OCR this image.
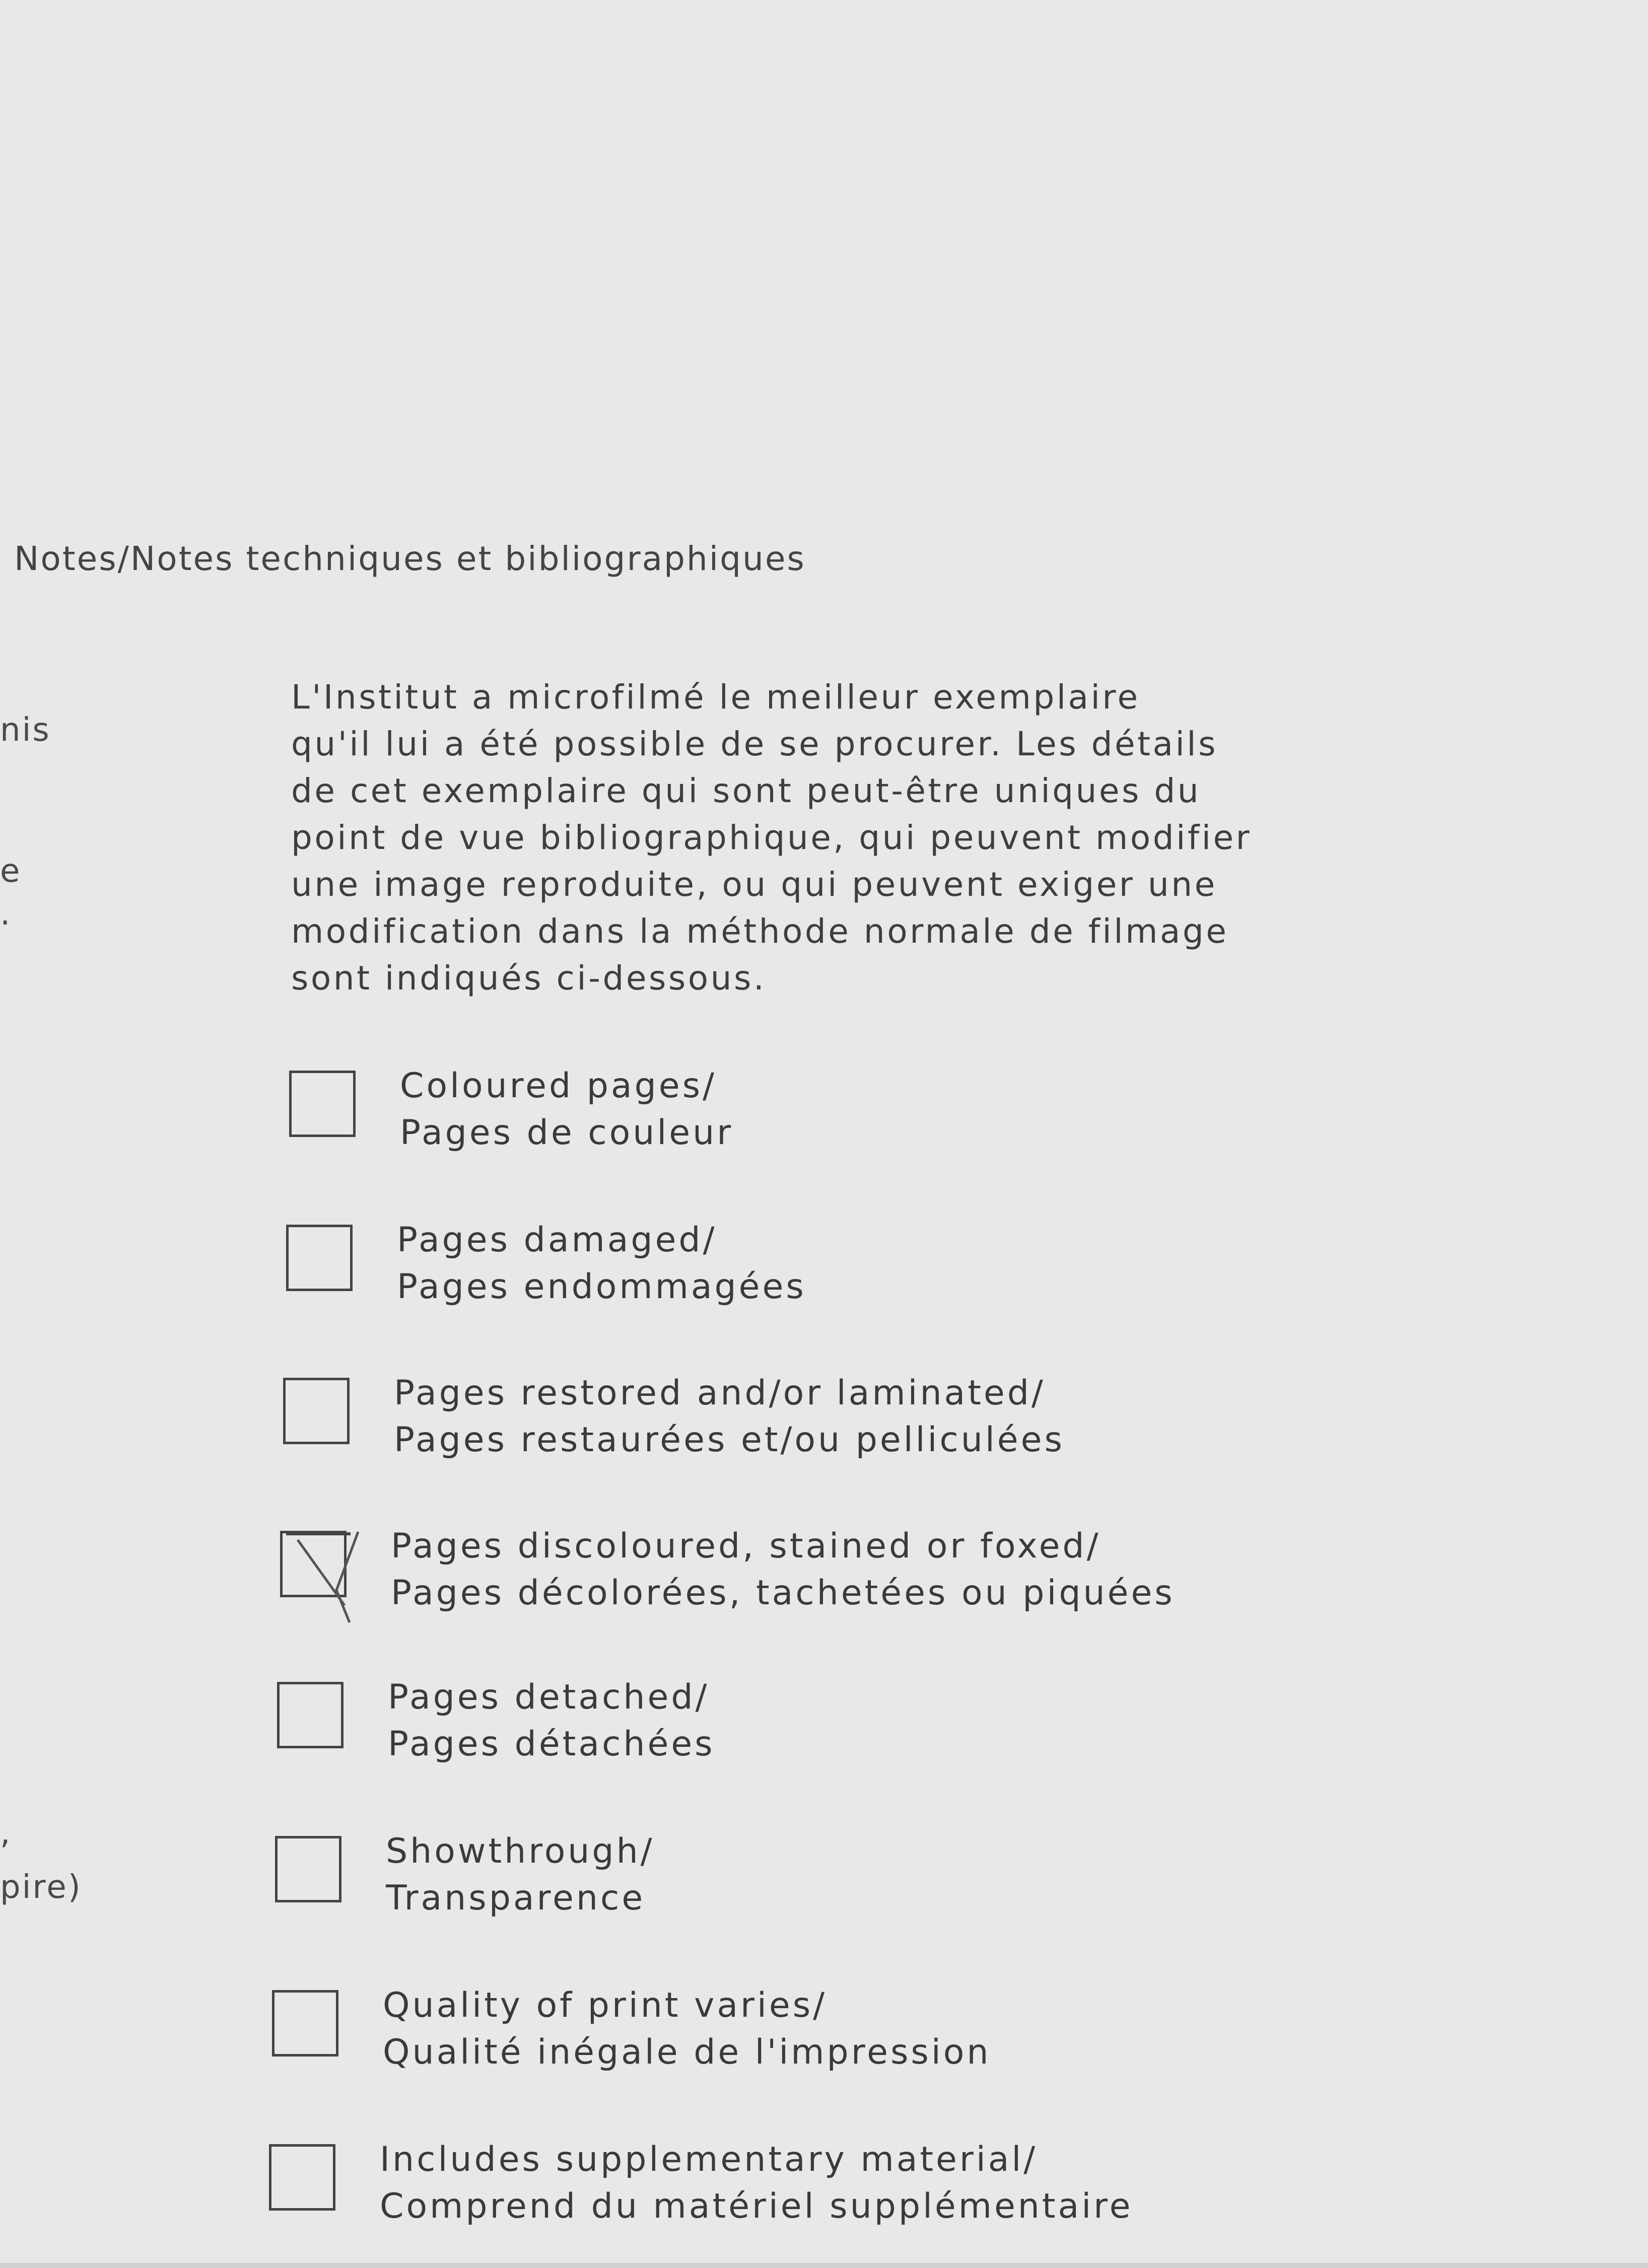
Notes/Notes techniques et bibliographiques
nis
e
.
,
pire)
L'Institut a microfilmé le meilleur exemplaire
qu'il lui a été possible de se procurer. Les détails
de cet exemplaire qui sont peut-être uniques du
point de vue bibliographique, qui peuvent modifier
une image reproduite, ou qui peuvent exiger une
modification dans la méthode normale de filmage
sont indiqués ci-dessous.
Coloured pages/
Pages de couleur
Pages damaged/
Pages endommagées
Pages restored and/or laminated/
Pages restaurées et/ou pelliculées
Pages discoloured, stained or foxed/
Pages décolorées, tachetées ou piquées
Pages detached/
Pages détachées
Showthrough/
Transparence
Quality of print varies/
Qualité inégale de l'impression
Includes supplementary material/
Comprend du matériel supplémentaire
